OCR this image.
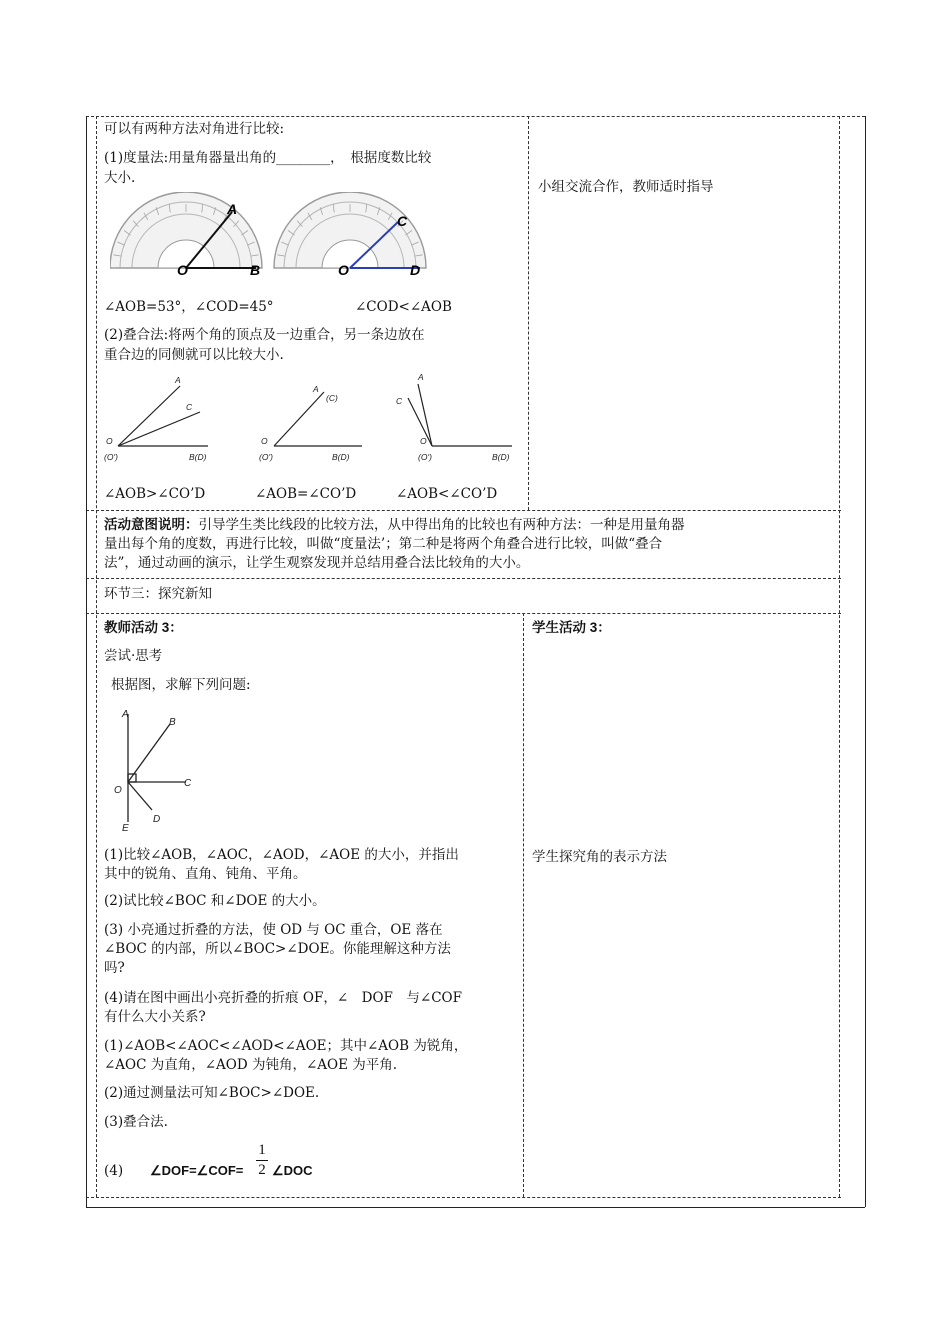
可以有两种方法对角进行比较:
(1)度量法:用量角器量出角的________，　根据度数比较
大小.
小组交流合作，教师适时指导
A
O	B
C
O	D
∠AOB=53°，∠COD=45°	∠COD<∠AOB
(2)叠合法:将两个角的顶点及一边重合，另一条边放在
重合边的同侧就可以比较大小.
A
C
O
(O')	B(D)
A
(C)
O
(O')	B(D)
A
C
O
(O')	B(D)
∠AOB>∠CO’D	∠AOB=∠CO’D	∠AOB<∠CO’D
活动意图说明：引导学生类比线段的比较方法，从中得出角的比较也有两种方法：一种是用量角器
量出每个角的度数，再进行比较，叫做“度量法’；第二种是将两个角叠合进行比较，叫做“叠合
法”，通过动画的演示，让学生观察发现并总结用叠合法比较角的大小。
环节三：探究新知
教师活动 3：
尝试·思考
根据图，求解下列问题:
A
B
C
O
D
E
(1)比较∠AOB，∠AOC，∠AOD，∠AOE 的大小，并指出
其中的锐角、直角、钝角、平角。
(2)试比较∠BOC 和∠DOE 的大小。
(3) 小亮通过折叠的方法，使 OD 与 OC 重合，OE 落在
∠BOC 的内部，所以∠BOC>∠DOE。你能理解这种方法
吗?
(4)请在图中画出小亮折叠的折痕 OF，∠　DOF　与∠COF
有什么大小关系?
(1)∠AOB<∠AOC<∠AOD<∠AOE；其中∠AOB 为锐角，
∠AOC 为直角，∠AOD 为钝角，∠AOE 为平角.
(2)通过测量法可知∠BOC>∠DOE.
(3)叠合法.
(4) ∠DOF=∠COF=
1
2 ∠DOC
学生活动 3：
学生探究角的表示方法
